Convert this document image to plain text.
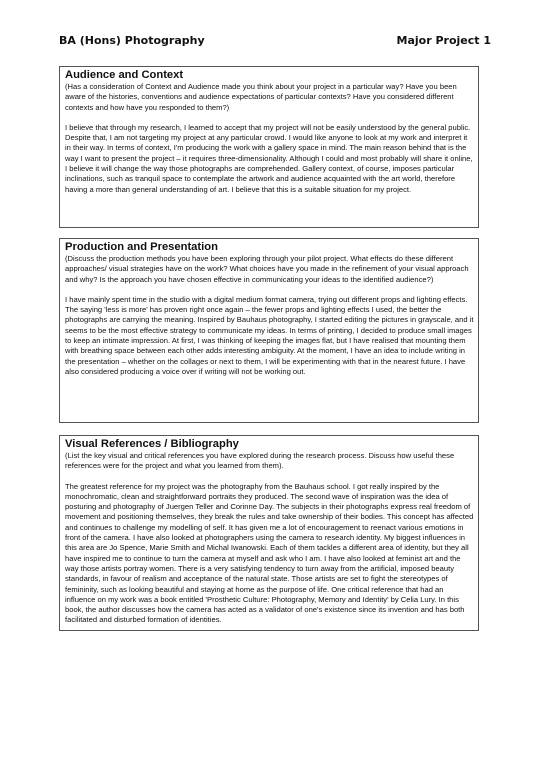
BA (Hons) Photography	Major Project 1
Audience and Context

(Has a consideration of Context and Audience made you think about your project in a particular way? Have you been aware of the histories, conventions and audience expectations of particular contexts? Have you considered different contexts and how have you responded to them?)

I believe that through my research, I learned to accept that my project will not be easily understood by the general public. Despite that, I am not targeting my project at any particular crowd. I would like anyone to look at my work and interpret it in their way. In terms of context, I'm producing the work with a gallery space in mind. The main reason behind that is the way I want to present the project – it requires three-dimensionality. Although I could and most probably will share it online, I believe it will change the way those photographs are comprehended. Gallery context, of course, imposes particular inclinations, such as tranquil space to contemplate the artwork and audience acquainted with the art world, therefore having a more than general understanding of art. I believe that this is a suitable situation for my project.

Production and Presentation

(Discuss the production methods you have been exploring through your pilot project. What effects do these different approaches/ visual strategies have on the work? What choices have you made in the refinement of your visual approach and why? Is the approach you have chosen effective in communicating your ideas to the identified audience?)

I have mainly spent time in the studio with a digital medium format camera, trying out different props and lighting effects. The saying 'less is more' has proven right once again – the fewer props and lighting effects I used, the better the photographs are carrying the meaning. Inspired by Bauhaus photography, I started editing the pictures in grayscale, and it seems to be the most effective strategy to communicate my ideas. In terms of printing, I decided to produce small images to keep an intimate impression. At first, I was thinking of keeping the images flat, but I have realised that mounting them with breathing space between each other adds interesting ambiguity. At the moment, I have an idea to include writing in the presentation – whether on the collages or next to them, I will be experimenting with that in the nearest future. I have also considered producing a voice over if writing will not be working out.

Visual References / Bibliography

(List the key visual and critical references you have explored during the research process. Discuss how useful these references were for the project and what you learned from them).

The greatest reference for my project was the photography from the Bauhaus school. I got really inspired by the monochromatic, clean and straightforward portraits they produced. The second wave of inspiration was the idea of posturing and photography of Juergen Teller and Corinne Day. The subjects in their photographs express real freedom of movement and positioning themselves, they break the rules and take ownership of their bodies. This concept has affected and continues to challenge my modelling of self. It has given me a lot of encouragement to reenact various emotions in front of the camera. I have also looked at photographers using the camera to research identity. My biggest influences in this area are Jo Spence, Marie Smith and Michal Iwanowski. Each of them tackles a different area of identity, but they all have inspired me to continue to turn the camera at myself and ask who I am. I have also looked at feminist art and the way those artists portray women. There is a very satisfying tendency to turn away from the artificial, imposed beauty standards, in favour of realism and acceptance of the natural state. Those artists are set to fight the stereotypes of femininity, such as looking beautiful and staying at home as the purpose of life. One critical reference that had an influence on my work was a book entitled 'Prosthetic Culture: Photography, Memory and Identity' by Celia Lury. In this book, the author discusses how the camera has acted as a validator of one's existence since its invention and has both facilitated and disturbed formation of identities.
